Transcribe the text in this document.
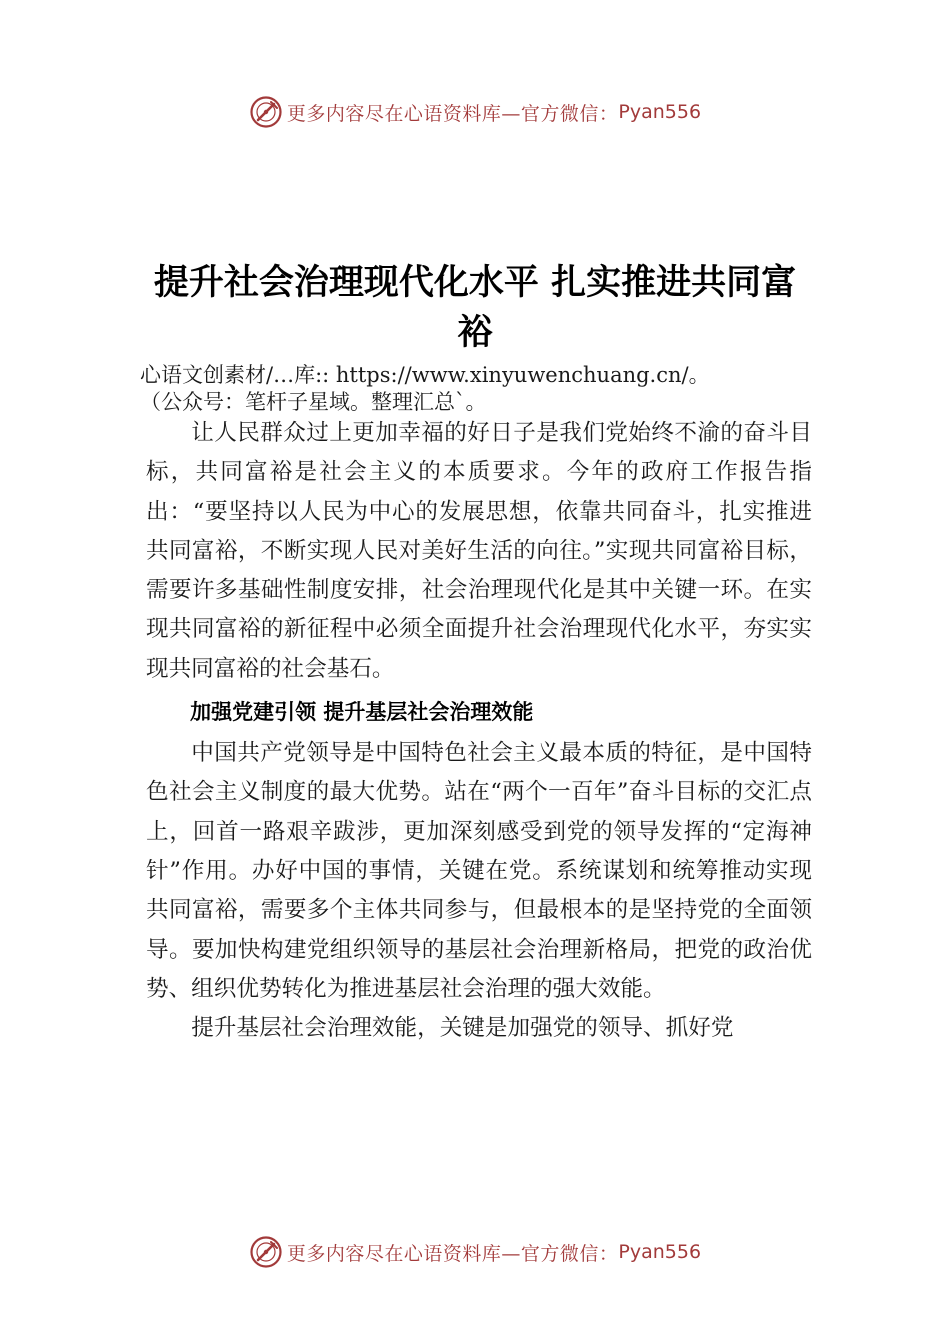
更多内容尽在心语资料库—官方微信： Pyan556
提升社会治理现代化水平 扎实推进共同富裕
心语文创素材/…库:: https://www.xinyuwenchuang.cn/。
（公众号：笔杆子星域。整理汇总`。

让人民群众过上更加幸福的好日子是我们党始终不渝的奋斗目标，共同富裕是社会主义的本质要求。今年的政府工作报告指出：“要坚持以人民为中心的发展思想，依靠共同奋斗，扎实推进共同富裕，不断实现人民对美好生活的向往。”实现共同富裕目标，需要许多基础性制度安排，社会治理现代化是其中关键一环。在实现共同富裕的新征程中必须全面提升社会治理现代化水平，夯实实现共同富裕的社会基石。

加强党建引领 提升基层社会治理效能

中国共产党领导是中国特色社会主义最本质的特征，是中国特色社会主义制度的最大优势。站在“两个一百年”奋斗目标的交汇点上，回首一路艰辛跋涉，更加深刻感受到党的领导发挥的“定海神针”作用。办好中国的事情，关键在党。系统谋划和统筹推动实现共同富裕，需要多个主体共同参与，但最根本的是坚持党的全面领导。要加快构建党组织领导的基层社会治理新格局，把党的政治优势、组织优势转化为推进基层社会治理的强大效能。

提升基层社会治理效能，关键是加强党的领导、抓好党

更多内容尽在心语资料库—官方微信： Pyan556
